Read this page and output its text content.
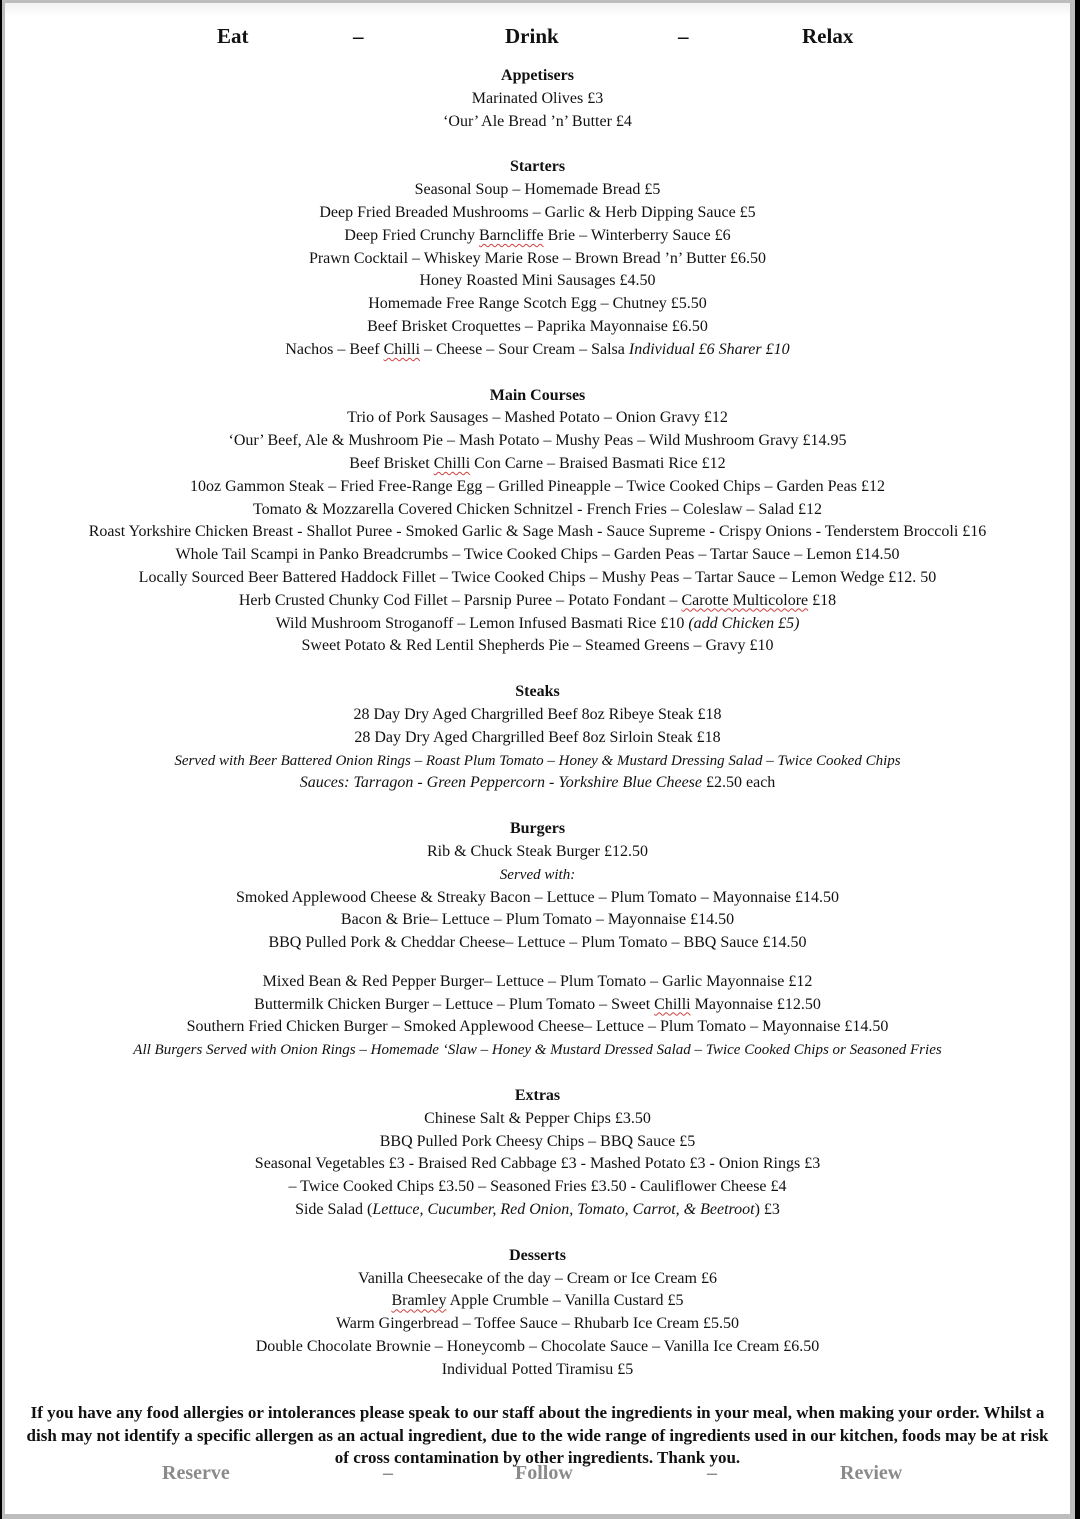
Eat	–	Drink	–	Relax
Appetisers
Marinated Olives £3
‘Our’ Ale Bread ’n’ Butter £4
Starters
Seasonal Soup – Homemade Bread £5
Deep Fried Breaded Mushrooms – Garlic & Herb Dipping Sauce £5
Deep Fried Crunchy Barncliffe Brie – Winterberry Sauce £6
Prawn Cocktail – Whiskey Marie Rose – Brown Bread ’n’ Butter £6.50
Honey Roasted Mini Sausages £4.50
Homemade Free Range Scotch Egg – Chutney £5.50
Beef Brisket Croquettes – Paprika Mayonnaise £6.50
Nachos – Beef Chilli – Cheese – Sour Cream – Salsa Individual £6 Sharer £10
Main Courses
Trio of Pork Sausages – Mashed Potato – Onion Gravy £12
‘Our’ Beef, Ale & Mushroom Pie – Mash Potato – Mushy Peas – Wild Mushroom Gravy £14.95
Beef Brisket Chilli Con Carne – Braised Basmati Rice £12
10oz Gammon Steak – Fried Free-Range Egg – Grilled Pineapple – Twice Cooked Chips – Garden Peas £12
Tomato & Mozzarella Covered Chicken Schnitzel - French Fries – Coleslaw – Salad £12
Roast Yorkshire Chicken Breast - Shallot Puree - Smoked Garlic & Sage Mash - Sauce Supreme - Crispy Onions - Tenderstem Broccoli £16
Whole Tail Scampi in Panko Breadcrumbs – Twice Cooked Chips – Garden Peas – Tartar Sauce – Lemon £14.50
Locally Sourced Beer Battered Haddock Fillet – Twice Cooked Chips – Mushy Peas – Tartar Sauce – Lemon Wedge £12. 50
Herb Crusted Chunky Cod Fillet – Parsnip Puree – Potato Fondant – Carotte Multicolore £18
Wild Mushroom Stroganoff – Lemon Infused Basmati Rice £10 (add Chicken £5)
Sweet Potato & Red Lentil Shepherds Pie – Steamed Greens – Gravy £10
Steaks
28 Day Dry Aged Chargrilled Beef 8oz Ribeye Steak £18
28 Day Dry Aged Chargrilled Beef 8oz Sirloin Steak £18
Served with Beer Battered Onion Rings – Roast Plum Tomato – Honey & Mustard Dressing Salad – Twice Cooked Chips
Sauces: Tarragon - Green Peppercorn - Yorkshire Blue Cheese £2.50 each
Burgers
Rib & Chuck Steak Burger £12.50
Served with:
Smoked Applewood Cheese & Streaky Bacon – Lettuce – Plum Tomato – Mayonnaise £14.50
Bacon & Brie– Lettuce – Plum Tomato – Mayonnaise £14.50
BBQ Pulled Pork & Cheddar Cheese– Lettuce – Plum Tomato – BBQ Sauce £14.50
Mixed Bean & Red Pepper Burger– Lettuce – Plum Tomato – Garlic Mayonnaise £12
Buttermilk Chicken Burger – Lettuce – Plum Tomato – Sweet Chilli Mayonnaise £12.50
Southern Fried Chicken Burger – Smoked Applewood Cheese– Lettuce – Plum Tomato – Mayonnaise £14.50
All Burgers Served with Onion Rings – Homemade ‘Slaw – Honey & Mustard Dressed Salad – Twice Cooked Chips or Seasoned Fries
Extras
Chinese Salt & Pepper Chips £3.50
BBQ Pulled Pork Cheesy Chips – BBQ Sauce £5
Seasonal Vegetables £3 - Braised Red Cabbage £3 - Mashed Potato £3 - Onion Rings £3
– Twice Cooked Chips £3.50 – Seasoned Fries £3.50 - Cauliflower Cheese £4
Side Salad (Lettuce, Cucumber, Red Onion, Tomato, Carrot, & Beetroot) £3
Desserts
Vanilla Cheesecake of the day – Cream or Ice Cream £6
Bramley Apple Crumble – Vanilla Custard £5
Warm Gingerbread – Toffee Sauce – Rhubarb Ice Cream £5.50
Double Chocolate Brownie – Honeycomb – Chocolate Sauce – Vanilla Ice Cream £6.50
Individual Potted Tiramisu £5
If you have any food allergies or intolerances please speak to our staff about the ingredients in your meal, when making your order. Whilst a dish may not identify a specific allergen as an actual ingredient, due to the wide range of ingredients used in our kitchen, foods may be at risk of cross contamination by other ingredients. Thank you.
Reserve	–	Follow	–	Review
